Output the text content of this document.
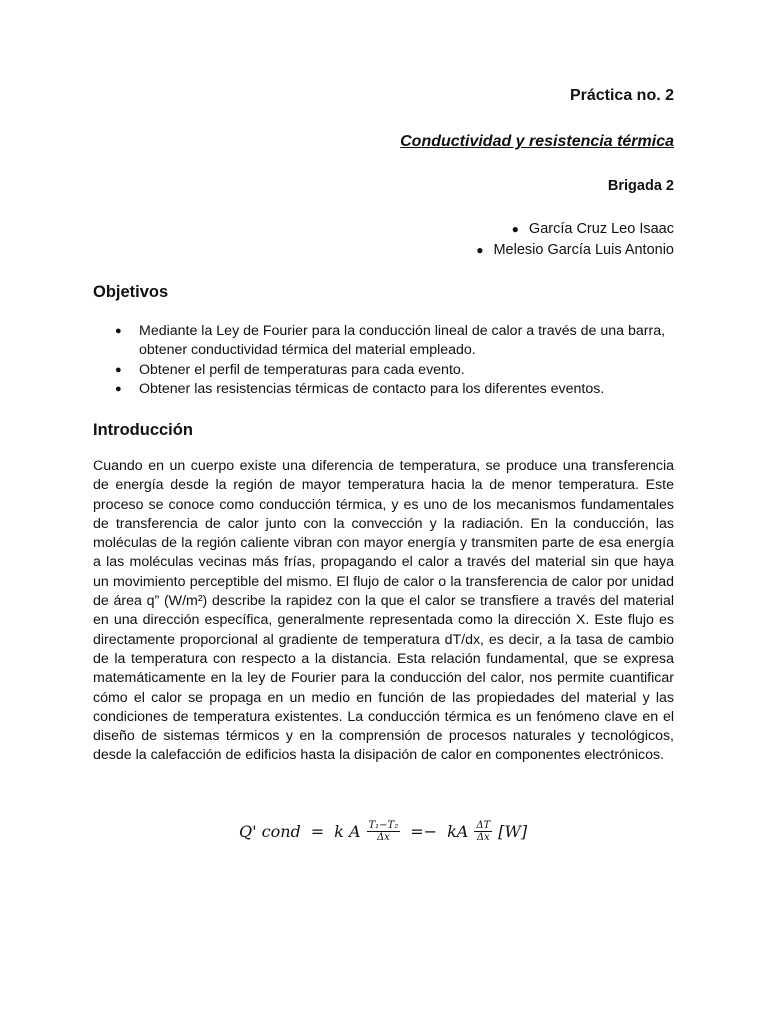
Práctica no. 2
Conductividad y resistencia térmica
Brigada 2
● García Cruz Leo Isaac
● Melesio García Luis Antonio
Objetivos
● Mediante la Ley de Fourier para la conducción lineal de calor a través de una barra, obtener conductividad térmica del material empleado.
● Obtener el perfil de temperaturas para cada evento.
● Obtener las resistencias térmicas de contacto para los diferentes eventos.
Introducción

Cuando en un cuerpo existe una diferencia de temperatura, se produce una transferencia de energía desde la región de mayor temperatura hacia la de menor temperatura. Este proceso se conoce como conducción térmica, y es uno de los mecanismos fundamentales de transferencia de calor junto con la convección y la radiación. En la conducción, las moléculas de la región caliente vibran con mayor energía y transmiten parte de esa energía a las moléculas vecinas más frías, propagando el calor a través del material sin que haya un movimiento perceptible del mismo. El flujo de calor o la transferencia de calor por unidad de área q” (W/m²) describe la rapidez con la que el calor se transfiere a través del material en una dirección específica, generalmente representada como la dirección X. Este flujo es directamente proporcional al gradiente de temperatura dT/dx, es decir, a la tasa de cambio de la temperatura con respecto a la distancia. Esta relación fundamental, que se expresa matemáticamente en la ley de Fourier para la conducción del calor, nos permite cuantificar cómo el calor se propaga en un medio en función de las propiedades del material y las condiciones de temperatura existentes. La conducción térmica es un fenómeno clave en el diseño de sistemas térmicos y en la comprensión de procesos naturales y tecnológicos, desde la calefacción de edificios hasta la disipación de calor en componentes electrónicos.

Q' cond = k A $\frac{\text{T₁−T₂}}{\Delta x}$ =− kA $\frac{\Delta T}{\Delta x} [W]$
